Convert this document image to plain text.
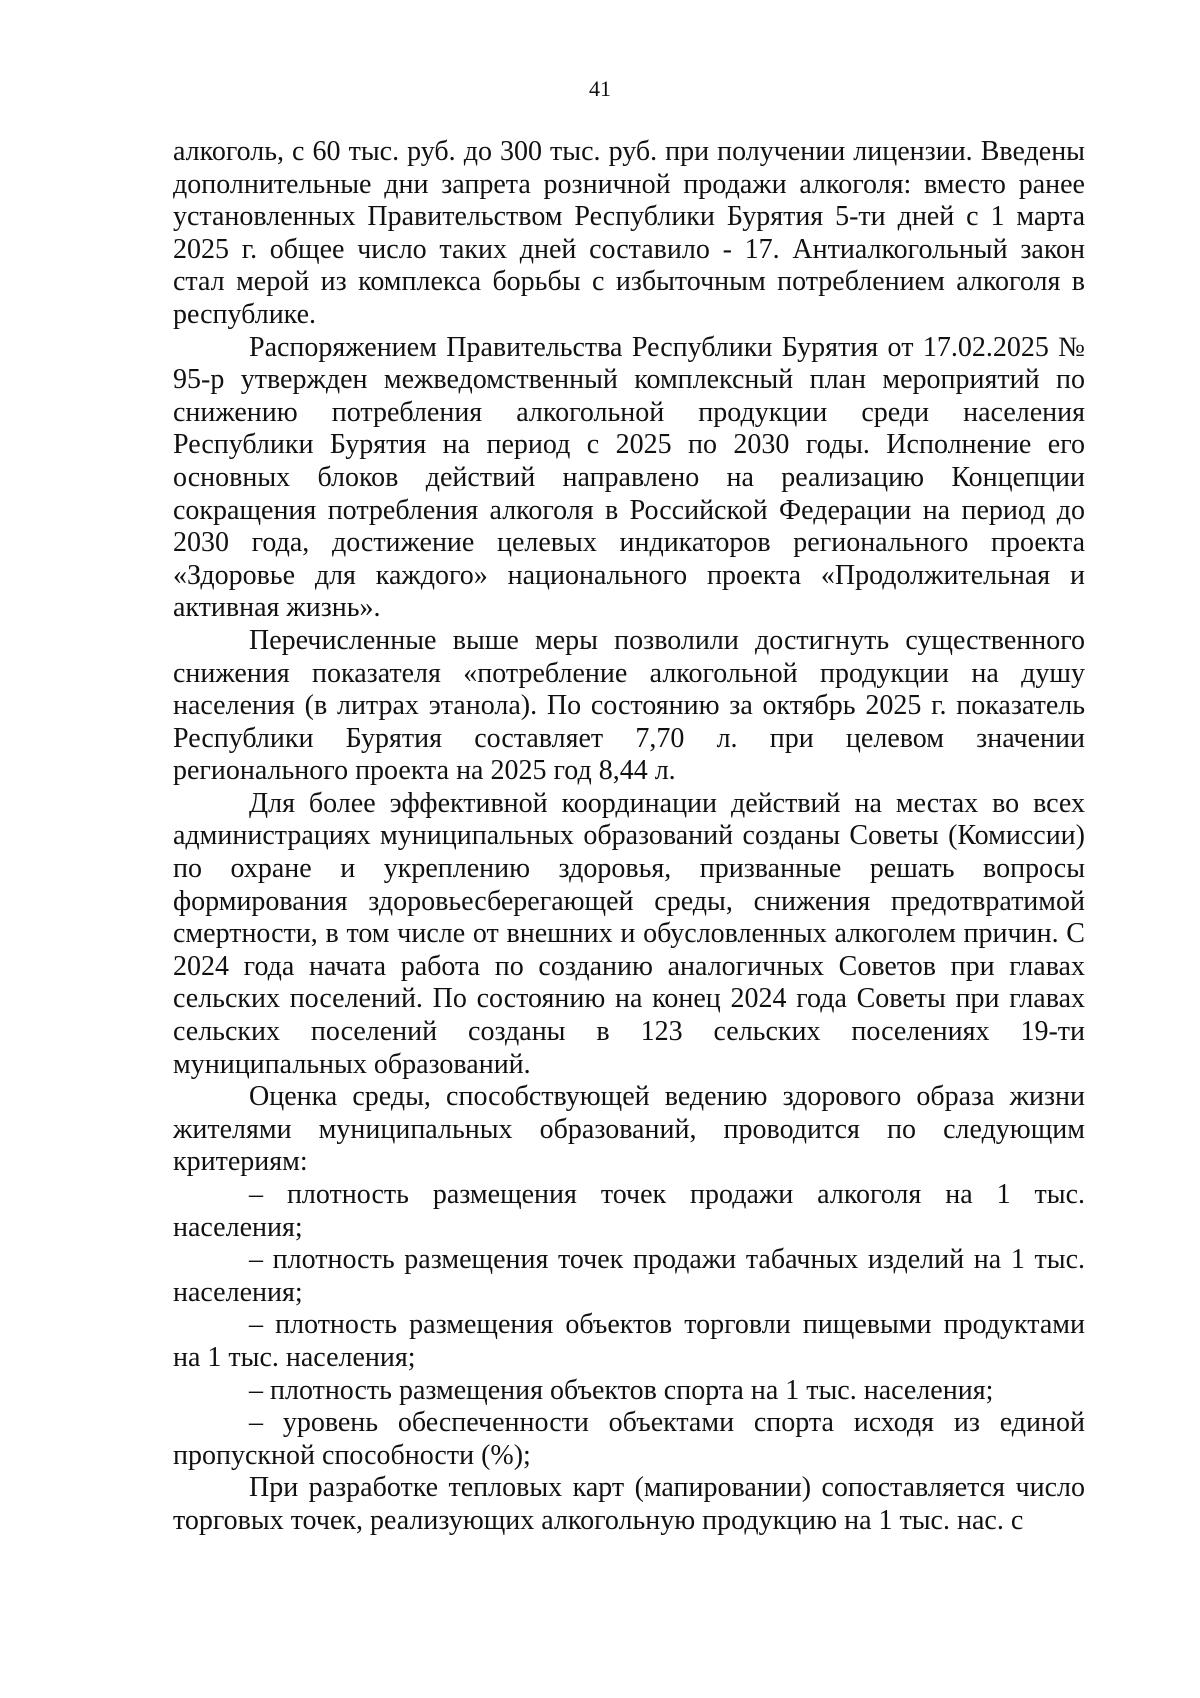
41

алкоголь, с 60 тыс. руб. до 300 тыс. руб. при получении лицензии. Введены дополнительные дни запрета розничной продажи алкоголя: вместо ранее установленных Правительством Республики Бурятия 5-ти дней с 1 марта 2025 г. общее число таких дней составило - 17. Антиалкогольный закон стал мерой из комплекса борьбы с избыточным потреблением алкоголя в республике.

Распоряжением Правительства Республики Бурятия от 17.02.2025 № 95-р утвержден межведомственный комплексный план мероприятий по снижению потребления алкогольной продукции среди населения Республики Бурятия на период с 2025 по 2030 годы. Исполнение его основных блоков действий направлено на реализацию Концепции сокращения потребления алкоголя в Российской Федерации на период до 2030 года, достижение целевых индикаторов регионального проекта «Здоровье для каждого» национального проекта «Продолжительная и активная жизнь».

Перечисленные выше меры позволили достигнуть существенного снижения показателя «потребление алкогольной продукции на душу населения (в литрах этанола). По состоянию за октябрь 2025 г. показатель Республики Бурятия составляет 7,70 л. при целевом значении регионального проекта на 2025 год 8,44 л.

Для более эффективной координации действий на местах во всех администрациях муниципальных образований созданы Советы (Комиссии) по охране и укреплению здоровья, призванные решать вопросы формирования здоровьесберегающей среды, снижения предотвратимой смертности, в том числе от внешних и обусловленных алкоголем причин. С 2024 года начата работа по созданию аналогичных Советов при главах сельских поселений. По состоянию на конец 2024 года Советы при главах сельских поселений созданы в 123 сельских поселениях 19-ти муниципальных образований.

Оценка среды, способствующей ведению здорового образа жизни жителями муниципальных образований, проводится по следующим критериям:

– плотность размещения точек продажи алкоголя на 1 тыс. населения;

– плотность размещения точек продажи табачных изделий на 1 тыс. населения;

– плотность размещения объектов торговли пищевыми продуктами на 1 тыс. населения;

– плотность размещения объектов спорта на 1 тыс. населения;

– уровень обеспеченности объектами спорта исходя из единой пропускной способности (%);

При разработке тепловых карт (мапировании) сопоставляется число торговых точек, реализующих алкогольную продукцию на 1 тыс. нас. с
